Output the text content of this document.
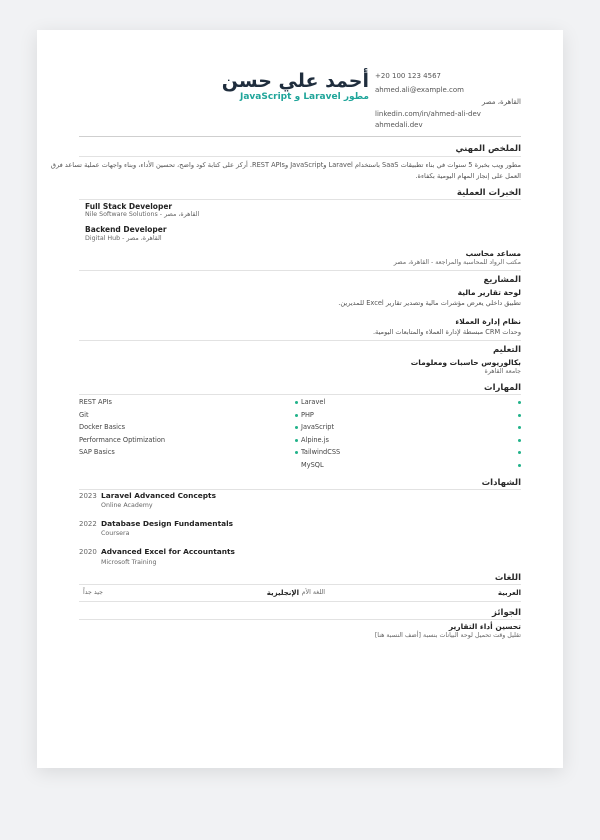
أحمد علي حسن
مطور Laravel و JavaScript
+20 100 123 4567
ahmed.ali@example.com
القاهرة، مصر
linkedin.com/in/ahmed-ali-dev
ahmedali.dev
الملخص المهني
مطور ويب بخبرة 5 سنوات في بناء تطبيقات SaaS باستخدام Laravel وJavaScript وREST APIs. أركز على كتابة كود واضح، تحسين الأداء، وبناء واجهات عملية تساعد فرق
العمل على إنجاز المهام اليومية بكفاءة.
الخبرات العملية
Full Stack Developer
Nile Software Solutions - القاهرة، مصر
Backend Developer
Digital Hub - القاهرة، مصر
مساعد محاسب
مكتب الرواد للمحاسبة والمراجعة - القاهرة، مصر
المشاريع
لوحة تقارير مالية
تطبيق داخلي يعرض مؤشرات مالية وتصدير تقارير Excel للمديرين.
نظام إدارة العملاء
وحدات CRM مبسطة لإدارة العملاء والمتابعات اليومية.
التعليم
بكالوريوس حاسبات ومعلومات
جامعة القاهرة
المهارات
REST APIs
Git
Docker Basics
Performance Optimization
SAP Basics
Laravel
PHP
JavaScript
Alpine.js
TailwindCSS
MySQL
الشهادات
2023 Laravel Advanced Concepts
Online Academy
2022 Database Design Fundamentals
Coursera
2020 Advanced Excel for Accountants
Microsoft Training
اللغات
العربية
اللغة الأم
الإنجليزية
جيد جداً
الجوائز
تحسين أداء التقارير
تقليل وقت تحميل لوحة البيانات بنسبة [أضف النسبة هنا]
